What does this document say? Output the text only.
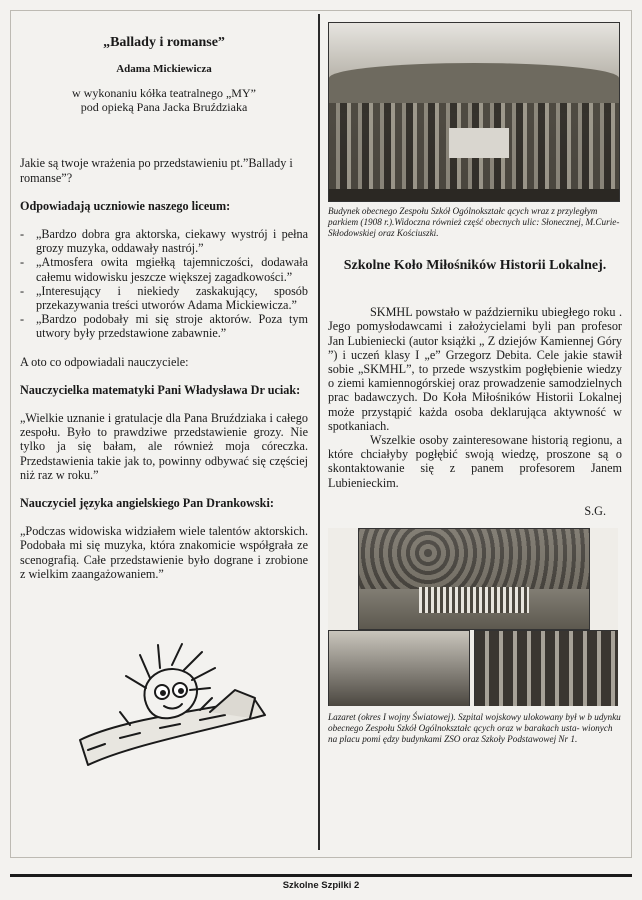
„Ballady i romanse”

Adama Mickiewicza

w wykonaniu kółka teatralnego „MY”
pod opieką Pana Jacka Bruździaka

Jakie są twoje wrażenia po przedstawieniu pt.”Ballady i romanse”?

Odpowiadają uczniowie naszego liceum:

- „Bardzo dobra gra aktorska, ciekawy wystrój i pełna grozy muzyka, oddawały nastrój.”
- „Atmosfera owita mgiełką tajemniczości, dodawała całemu widowisku jeszcze większej zagadkowości.”
- „Interesujący i niekiedy zaskakujący, sposób przekazywania treści utworów Adama Mickiewicza.”
- „Bardzo podobały mi się stroje aktorów. Poza tym utwory były przedstawione zabawnie.”

A oto co odpowiadali nauczyciele:

Nauczycielka matematyki Pani Władysława Dr uciak:

„Wielkie uznanie i gratulacje dla Pana Bruździaka i całego zespołu. Było to prawdziwe przedstawienie grozy. Nie tylko ja się bałam, ale również moja córeczka. Przedstawienia takie jak to, powinny odbywać się częściej niż raz w roku.”

Nauczyciel języka angielskiego Pan Drankowski:

„Podczas widowiska widziałem wiele talentów aktorskich. Podobała mi się muzyka, która znakomicie współgrała ze scenografią. Całe przedstawienie było dograne i zrobione z wielkim zaangażowaniem.”

Budynek obecnego Zespołu Szkół Ogólnokształc ących wraz z przyległym parkiem (1908 r.).Widoczna również część obecnych ulic: Słonecznej, M.Curie-Skłodowskiej oraz Kościuszki.

Szkolne Koło Miłośników Historii Lokalnej.

SKMHL powstało w październiku ubiegłego roku . Jego pomysłodawcami i założycielami byli pan profesor Jan Lubieniecki (autor książki „ Z dziejów Kamiennej Góry ”) i uczeń klasy I „e” Grzegorz Debita. Cele jakie stawił sobie „SKMHL”, to przede wszystkim pogłębienie wiedzy o ziemi kamiennogórskiej oraz prowadzenie samodzielnych prac badawczych. Do Koła Miłośników Historii Lokalnej może przystąpić każda osoba deklarująca aktywność w spotkaniach.

Wszelkie osoby zainteresowane historią regionu, a które chciałyby pogłębić swoją wiedzę, proszone są o skontaktowanie się z panem profesorem Janem Lubienieckim.

S.G.

Lazaret (okres I wojny Światowej). Szpital wojskowy ulokowany był w b udynku obecnego Zespołu Szkół Ogólnokształc ących oraz w barakach usta- wionych na placu pomi ędzy budynkami ZSO oraz Szkoły Podstawowej Nr 1.

Szkolne Szpilki 2
